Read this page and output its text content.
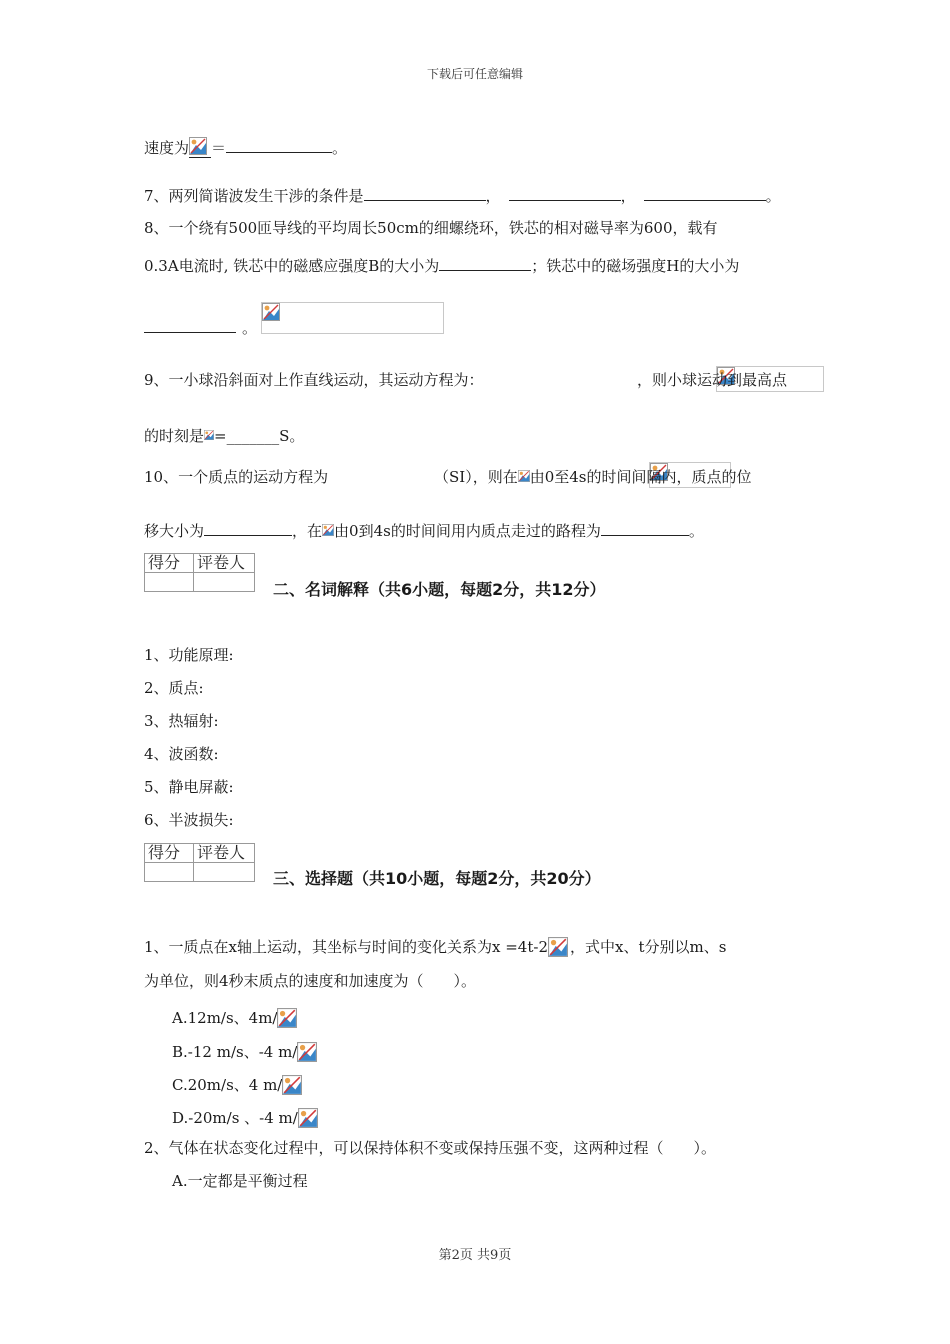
下载后可任意编辑
速度为 ＝	。
7、两列简谐波发生干涉的条件是	，	，	。
8、一个绕有500匝导线的平均周长50cm的细螺绕环，铁芯的相对磁导率为600，载有
0.3A电流时, 铁芯中的磁感应强度B的大小为	；铁芯中的磁场强度H的大小为
。

9、一小球沿斜面对上作直线运动，其运动方程为：
	，则小球运动到最高点
的时刻是 =_______S。
10、一个质点的运动方程为	（SI），则在 由0至4s的时间间隔内，质点的位
移大小为	，在 由0到4s的时间间用内质点走过的路程为	。
得分	评卷人

二、名词解释（共6小题，每题2分，共12分）
1、功能原理:
2、质点:
3、热辐射:
4、波函数:
5、静电屏蔽:
6、半波损失:
得分	评卷人

三、选择题（共10小题，每题2分，共20分）
1、一质点在x轴上运动，其坐标与时间的变化关系为x =4t-2 ，式中x、t分别以m、s
为单位，则4秒末质点的速度和加速度为（　　）。
A.12m/s、4m/
B.-12 m/s、-4 m/
C.20m/s、4 m/
D.-20m/s 、-4 m/
2、气体在状态变化过程中，可以保持体积不变或保持压强不变，这两种过程（　　）。
A.一定都是平衡过程
第2页 共9页
